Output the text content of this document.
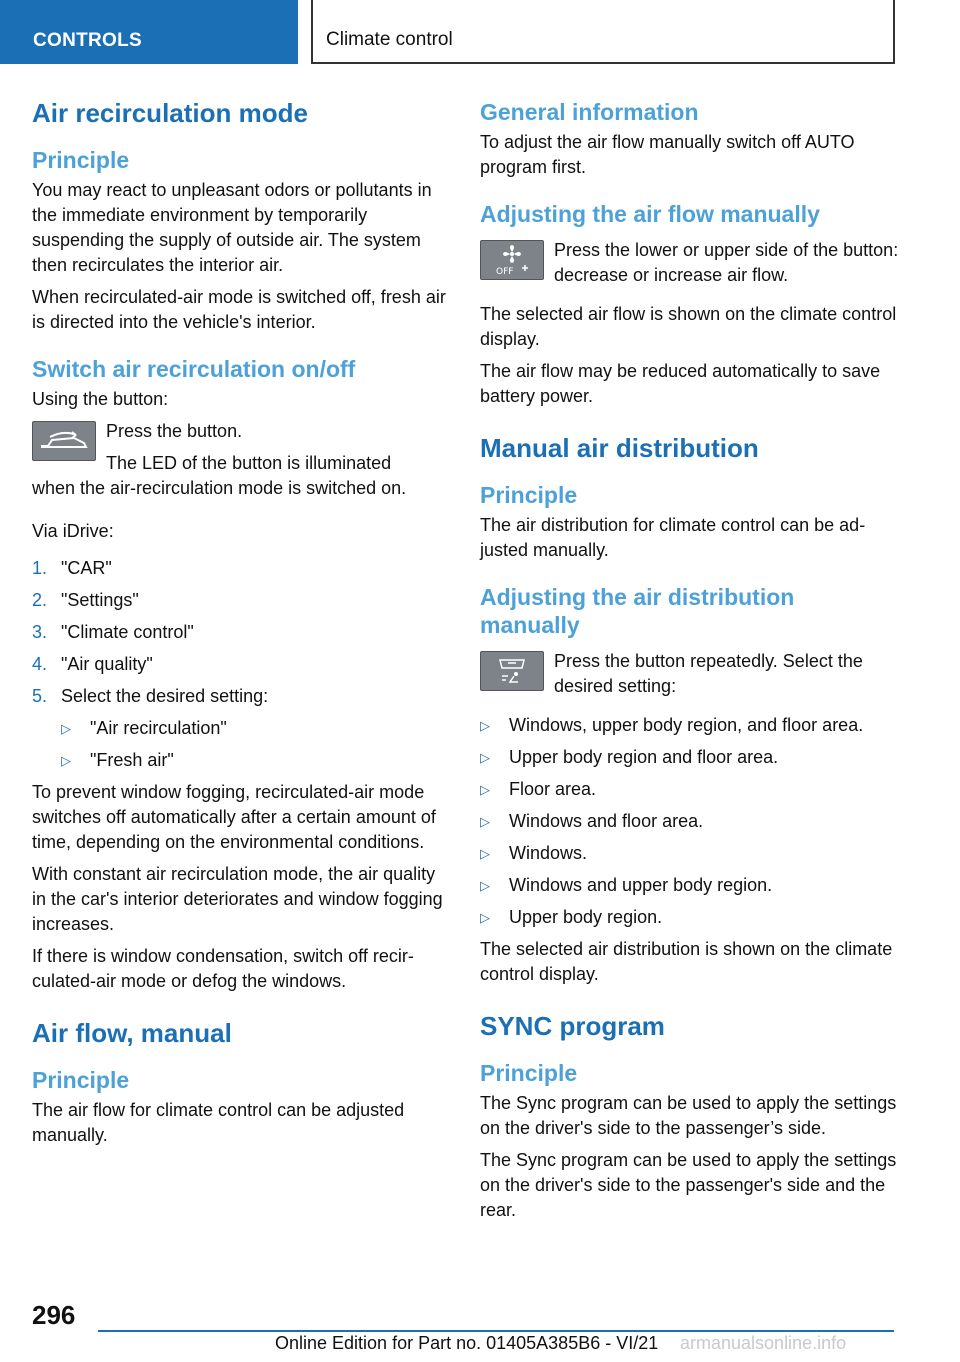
CONTROLS	Climate control
Air recirculation mode
Principle

You may react to unpleasant odors or pollutants in the immediate environment by temporarily suspending the supply of outside air. The system then recirculates the interior air.

When recirculated-air mode is switched off, fresh air is directed into the vehicle's interior.

Switch air recirculation on/off

Using the button:

Press the button.
The LED of the button is illuminated

when the air-recirculation mode is switched on.

Via iDrive:

1. "CAR"
2. "Settings"
3. "Climate control"
4. "Air quality"
5. Select the desired setting:
▷	"Air recirculation"
▷	"Fresh air"

To prevent window fogging, recirculated-air mode switches off automatically after a certain amount of time, depending on the environmental conditions.

With constant air recirculation mode, the air quality in the car's interior deteriorates and window fogging increases.

If there is window condensation, switch off recirculated-air mode or defog the windows.

Air flow, manual
Principle

The air flow for climate control can be adjusted manually.

General information

To adjust the air flow manually switch off AUTO program first.

Adjusting the air flow manually
OFF
Press the lower or upper side of the button: decrease or increase air flow.

The selected air flow is shown on the climate control display.

The air flow may be reduced automatically to save battery power.

Manual air distribution
Principle

The air distribution for climate control can be adjusted manually.

Adjusting the air distribution manually
Press the button repeatedly. Select the desired setting:
▷	Windows, upper body region, and floor area.
▷	Upper body region and floor area.
▷	Floor area.
▷	Windows and floor area.
▷	Windows.
▷	Windows and upper body region.
▷	Upper body region.

The selected air distribution is shown on the climate control display.

SYNC program
Principle

The Sync program can be used to apply the settings on the driver's side to the passenger’s side.

The Sync program can be used to apply the settings on the driver's side to the passenger's side and the rear.

296
Online Edition for Part no. 01405A385B6 - VI/21 armanualsonline.info
